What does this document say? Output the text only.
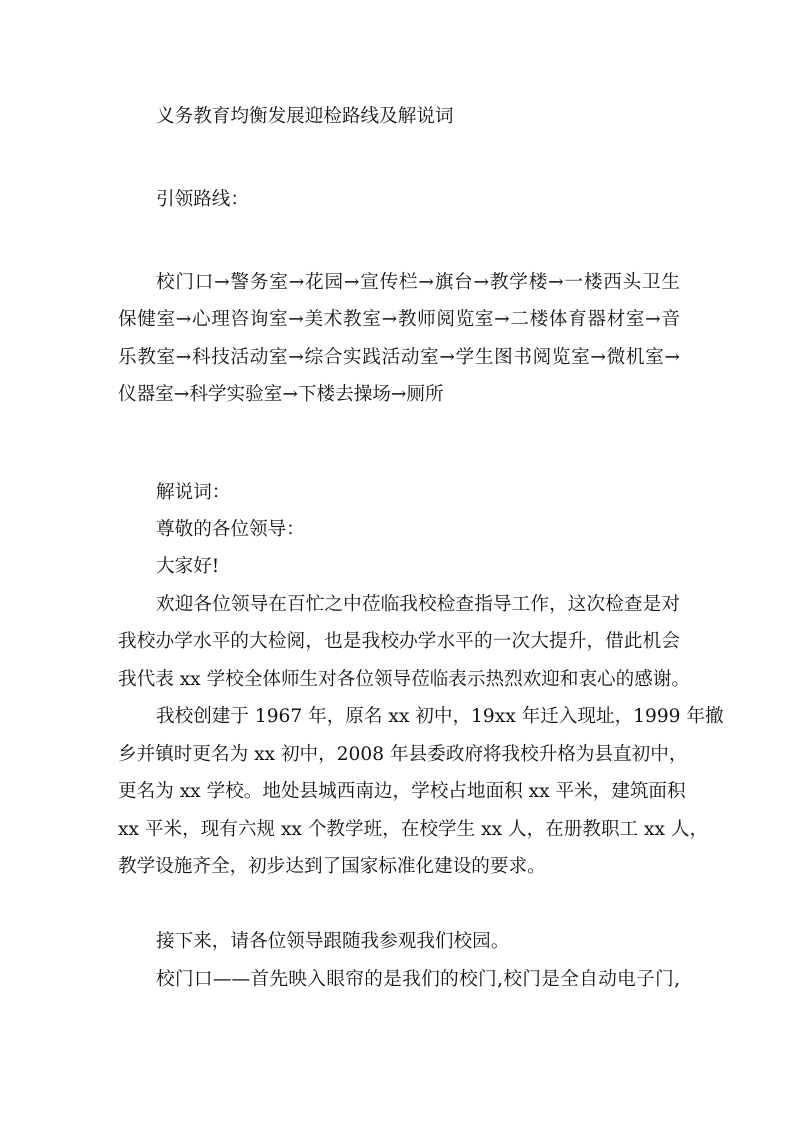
义务教育均衡发展迎检路线及解说词
引领路线：
校门口→警务室→花园→宣传栏→旗台→教学楼→一楼西头卫生
保健室→心理咨询室→美术教室→教师阅览室→二楼体育器材室→音
乐教室→科技活动室→综合实践活动室→学生图书阅览室→微机室→
仪器室→科学实验室→下楼去操场→厕所
解说词：
尊敬的各位领导：
大家好!
欢迎各位领导在百忙之中莅临我校检查指导工作，这次检查是对
我校办学水平的大检阅，也是我校办学水平的一次大提升，借此机会
我代表 xx 学校全体师生对各位领导莅临表示热烈欢迎和衷心的感谢。
我校创建于 1967 年，原名 xx 初中，19xx 年迁入现址，1999 年撤
乡并镇时更名为 xx 初中，2008 年县委政府将我校升格为县直初中，
更名为 xx 学校。地处县城西南边，学校占地面积 xx 平米，建筑面积
xx 平米，现有六规 xx 个教学班，在校学生 xx 人，在册教职工 xx 人，
教学设施齐全，初步达到了国家标准化建设的要求。
接下来，请各位领导跟随我参观我们校园。
校门口——首先映入眼帘的是我们的校门,校门是全自动电子门,
